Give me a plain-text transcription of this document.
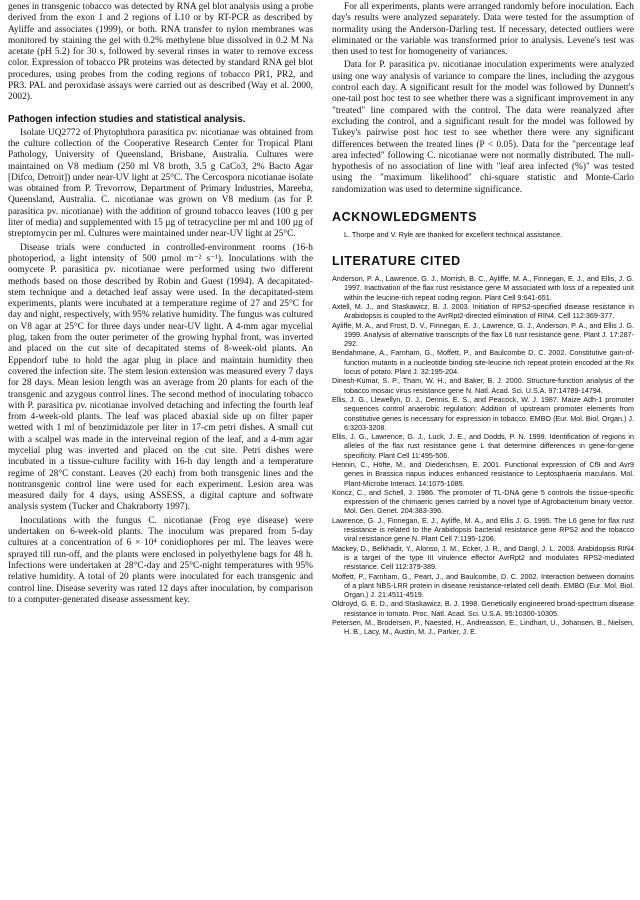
genes in transgenic tobacco was detected by RNA gel blot analysis using a probe derived from the exon 1 and 2 regions of L10 or by RT-PCR as described by Ayliffe and associates (1999), or both. RNA transfer to nylon membranes was monitored by staining the gel with 0.2% methylene blue dissolved in 0.2 M Na acetate (pH 5.2) for 30 s, followed by several rinses in water to remove excess color. Expression of tobacco PR proteins was detected by standard RNA gel blot procedures, using probes from the coding regions of tobacco PR1, PR2, and PR3. PAL and peroxidase assays were carried out as described (Way et al. 2000, 2002).

Pathogen infection studies and statistical analysis.

Isolate UQ2772 of Phytophthora parasitica pv. nicotianae was obtained from the culture collection of the Cooperative Research Center for Tropical Plant Pathology, University of Queensland, Brisbane, Australia. Cultures were maintained on V8 medium (250 ml V8 broth, 3.5 g CaCo3, 2% Bacto Agar [Difco, Detroit]) under near-UV light at 25°C. The Cercospora nicotianae isolate was obtained from P. Trevorrow, Department of Primary Industries, Mareeba, Queensland, Australia. C. nicotianae was grown on V8 medium (as for P. parasitica pv. nicotianae) with the addition of ground tobacco leaves (100 g per liter of media) and supplemented with 15 µg of tetracycline per ml and 100 µg of streptomycin per ml. Cultures were maintained under near-UV light at 25°C.

Disease trials were conducted in controlled-environment rooms (16-h photoperiod, a light intensity of 500 µmol m⁻² s⁻¹). Inoculations with the oomycete P. parasitica pv. nicotianae were performed using two different methods based on those described by Robin and Guest (1994). A decapitated-stem technique and a detached leaf assay were used. In the decapitated-stem experiments, plants were incubated at a temperature regime of 27 and 25°C for day and night, respectively, with 95% relative humidity. The fungus was cultured on V8 agar at 25°C for three days under near-UV light. A 4-mm agar mycelial plug, taken from the outer perimeter of the growing hyphal front, was inverted and placed on the cut site of decapitated stems of 8-week-old plants. An Eppendorf tube to hold the agar plug in place and maintain humidity then covered the infection site. The stem lesion extension was measured every 7 days for 28 days. Mean lesion length was an average from 20 plants for each of the transgenic and azygous control lines. The second method of inoculating tobacco with P. parasitica pv. nicotianae involved detaching and infecting the fourth leaf from 4-week-old plants. The leaf was placed abaxial side up on filter paper wetted with 1 ml of benzimidazole per liter in 17-cm petri dishes. A small cut with a scalpel was made in the interveinal region of the leaf, and a 4-mm agar mycelial plug was inverted and placed on the cut site. Petri dishes were incubated in a tissue-culture facility with 16-h day length and a temperature regime of 28°C constant. Leaves (20 each) from both transgenic lines and the nontransgenic control line were used for each experiment. Lesion area was measured daily for 4 days, using ASSESS, a digital capture and software analysis system (Tucker and Chakraborty 1997).

Inoculations with the fungus C. nicotianae (Frog eye disease) were undertaken on 6-week-old plants. The inoculum was prepared from 5-day cultures at a concentration of 6 × 10⁴ conidiophores per ml. The leaves were sprayed till run-off, and the plants were enclosed in polyethylene bags for 48 h. Infections were undertaken at 28°C-day and 25°C-night temperatures with 95% relative humidity. A total of 20 plants were inoculated for each transgenic and control line. Disease severity was rated 12 days after inoculation, by comparison to a computer-generated disease assessment key.

For all experiments, plants were arranged randomly before inoculation. Each day's results were analyzed separately. Data were tested for the assumption of normality using the Anderson-Darling test. If necessary, detected outliers were eliminated or the variable was transformed prior to analysis. Levene's test was then used to test for homogeneity of variances.

Data for P. parasitica pv. nicotianae inoculation experiments were analyzed using one way analysis of variance to compare the lines, including the azygous control each day. A significant result for the model was followed by Dunnett's one-tail post hoc test to see whether there was a significant improvement in any "treated" line compared with the control. The data were reanalyzed after excluding the control, and a significant result for the model was followed by Tukey's pairwise post hoc test to see whether there were any significant differences between the treated lines (P < 0.05). Data for the "percentage leaf area infected" following C. nicotianae were not normally distributed. The null-hypothesis of no association of line with "leaf area infected (%)" was tested using the "maximum likelihood" chi-square statistic and Monte-Carlo randomization was used to determine significance.

ACKNOWLEDGMENTS

L. Thorpe and V. Ryle are thanked for excellent technical assistance.

LITERATURE CITED

Anderson, P. A., Lawrence, G. J., Morrish, B. C., Ayliffe, M. A., Finnegan, E. J., and Ellis, J. G. 1997. Inactivation of the flax rust resistance gene M associated with loss of a repeated unit within the leucine-rich repeat coding region. Plant Cell 9:641-651.

Axtell, M. J., and Staskawicz, B. J. 2003. Initiation of RPS2-specified disease resistance in Arabidopsis is coupled to the AvrRpt2-directed elimination of RIN4. Cell 112:369-377.

Ayliffe, M. A., and Frost, D. V., Finnegan, E. J., Lawrence, G. J., Anderson, P. A., and Ellis J. G. 1999. Analysis of alternative transcripts of the flax L6 rust resistance gene. Plant J. 17:287-292.

Bendahmane, A., Farnham, G., Moffett, P., and Baulcombe D. C. 2002. Constitutive gain-of-function mutants in a nucleotide binding site-leucine rich repeat protein encoded at the Rx locus of potato. Plant J. 32:195-204.

Dinesh-Kumar, S. P., Tham, W. H., and Baker, B. J. 2000. Structure-function analysis of the tobacco mosaic virus resistance gene N. Natl. Acad. Sci. U.S.A. 97:14789-14794.

Ellis, J. G., Llewellyn, D. J., Dennis, E. S., and Peacock, W. J. 1987. Maize Adh-1 promoter sequences control anaerobic regulation: Addition of upstream promoter elements from constitutive genes is necessary for expression in tobacco. EMBO (Eur. Mol. Biol. Organ.) J. 6:3203-3208.

Ellis, J. G., Lawrence, G. J., Luck, J. E., and Dodds, P. N. 1999. Identification of regions in alleles of the flax rust resistance gene L that determine differences in gene-for-gene specificity. Plant Cell 11:495-506.

Hennin, C., Höfte, M., and Diederichsen, E. 2001. Functional expression of Cf9 and Avr9 genes in Brassica napus induces enhanced resistance to Leptosphaeria maculans. Mol. Plant-Microbe Interact. 14:1075-1085.

Koncz, C., and Schell, J. 1986. The promoter of TL-DNA gene 5 controls the tissue-specific expression of the chimaeric genes carried by a novel type of Agrobacterium binary vector. Mol. Gen. Genet. 204:383-396.

Lawrence, G. J., Finnegan, E. J., Ayliffe, M. A., and Ellis J. G. 1995. The L6 gene for flax rust resistance is related to the Arabidopsis bacterial resistance gene RPS2 and the tobacco viral resistance gene N. Plant Cell 7:1195-1206.

Mackey, D., Belkhadir, Y., Alonso, J. M., Ecker, J. R., and Dangl, J. L. 2003. Arabidopsis RIN4 is a target of the type III virulence effector AvrRpt2 and modulates RPS2-mediated resistance. Cell 112:379-389.

Moffett, P., Farnham, G., Peart, J., and Baulcombe, D. C. 2002. Interaction between domains of a plant NBS-LRR protein in disease resistance-related cell death. EMBO (Eur. Mol. Biol. Organ.) J. 21:4511-4519.

Oldroyd, G. E. D., and Staskawicz, B. J. 1998. Genetically engineered broad-spectrum disease resistance in tomato. Proc. Natl. Acad. Sci. U.S.A. 95:10300-10305.

Petersen, M., Brodersen, P., Naested, H., Andreasson, E., Lindhart, U., Johansen, B., Nielsen, H. B., Lacy, M., Austin, M. J., Parker, J. E.
